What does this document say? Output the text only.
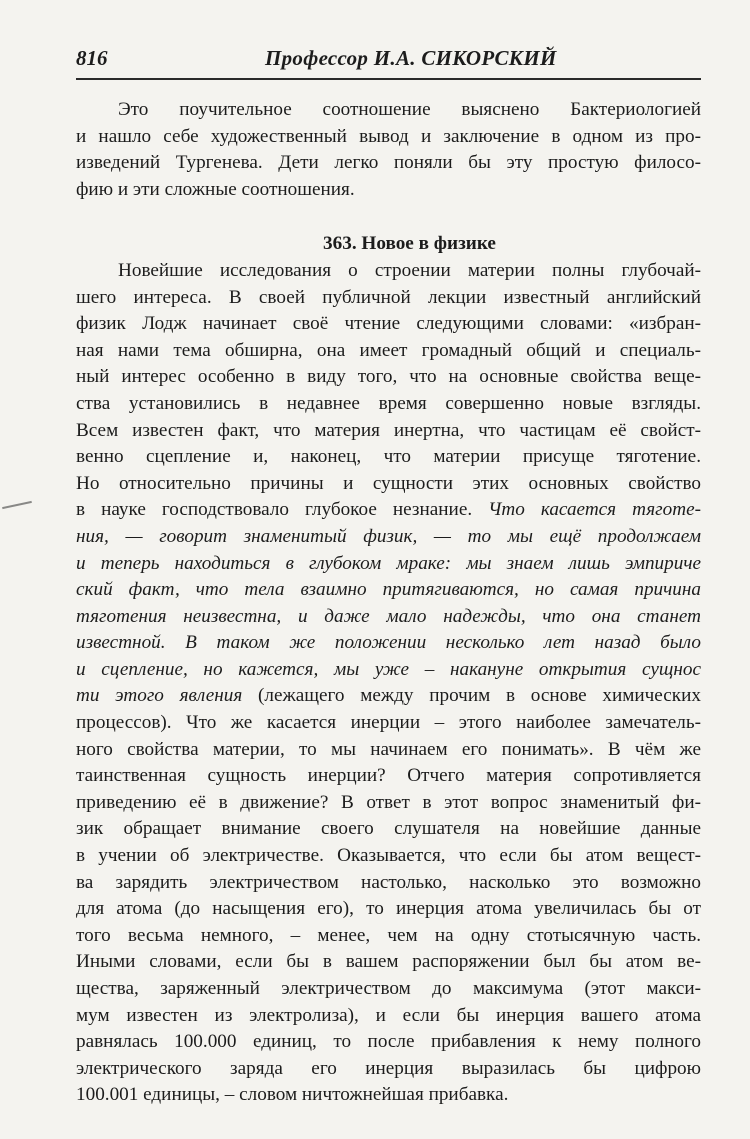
816	Профессор И.А. СИКОРСКИЙ
Это поучительное соотношение выяснено Бактериологией
и нашло себе художественный вывод и заключение в одном из про-
изведений Тургенева. Дети легко поняли бы эту простую филосо-
фию и эти сложные соотношения.
363. Новое в физике
Новейшие исследования о строении материи полны глубочай-
шего интереса. В своей публичной лекции известный английский
физик Лодж начинает своё чтение следующими словами: «избран-
ная нами тема обширна, она имеет громадный общий и специаль-
ный интерес особенно в виду того, что на основные свойства веще-
ства установились в недавнее время совершенно новые взгляды.
Всем известен факт, что материя инертна, что частицам её свойст-
венно сцепление и, наконец, что материи присуще тяготение.
Но относительно причины и сущности этих основных свойство
в науке господствовало глубокое незнание. Что касается тяготе-
ния, — говорит знаменитый физик, — то мы ещё продолжаем
и теперь находиться в глубоком мраке: мы знаем лишь эмпириче
ский факт, что тела взаимно притягиваются, но самая причина
тяготения неизвестна, и даже мало надежды, что она станет
известной. В таком же положении несколько лет назад было
и сцепление, но кажется, мы уже – накануне открытия сущнос
ти этого явления (лежащего между прочим в основе химических
процессов). Что же касается инерции – этого наиболее замечатель-
ного свойства материи, то мы начинаем его понимать». В чём же
таинственная сущность инерции? Отчего материя сопротивляется
приведению её в движение? В ответ в этот вопрос знаменитый фи-
зик обращает внимание своего слушателя на новейшие данные
в учении об электричестве. Оказывается, что если бы атом вещест-
ва зарядить электричеством настолько, насколько это возможно
для атома (до насыщения его), то инерция атома увеличилась бы от
того весьма немного, – менее, чем на одну стотысячную часть.
Иными словами, если бы в вашем распоряжении был бы атом ве-
щества, заряженный электричеством до максимума (этот макси-
мум известен из электролиза), и если бы инерция вашего атома
равнялась 100.000 единиц, то после прибавления к нему полного
электрического заряда его инерция выразилась бы цифрою
100.001 единицы, – словом ничтожнейшая прибавка.
